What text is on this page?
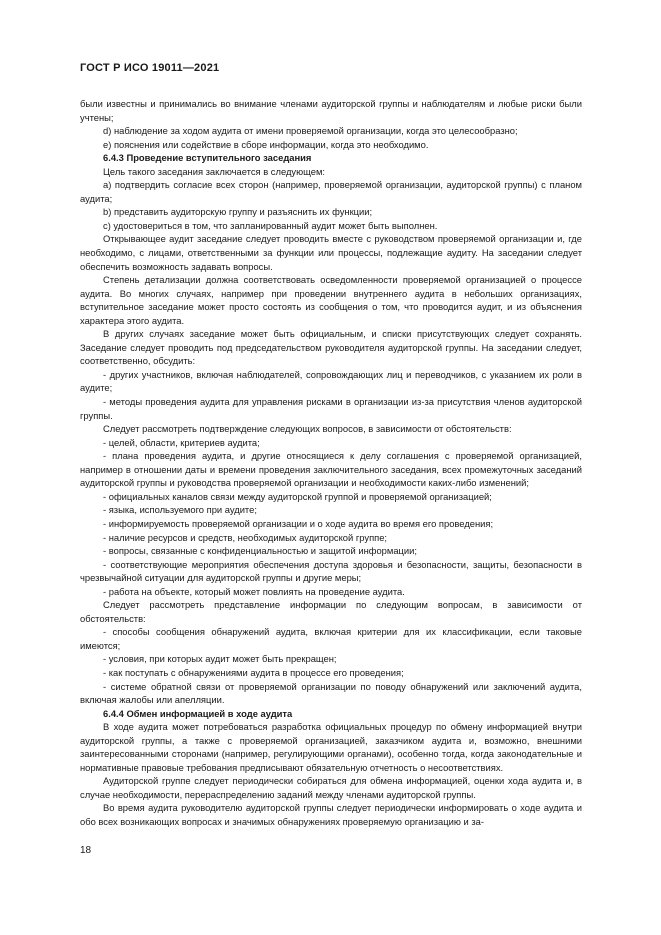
ГОСТ Р ИСО 19011—2021

были известны и принимались во внимание членами аудиторской группы и наблюдателям и любые риски были учтены;

d) наблюдение за ходом аудита от имени проверяемой организации, когда это целесообразно;

e) пояснения или содействие в сборе информации, когда это необходимо.

6.4.3 Проведение вступительного заседания

Цель такого заседания заключается в следующем:

a) подтвердить согласие всех сторон (например, проверяемой организации, аудиторской группы) с планом аудита;

b) представить аудиторскую группу и разъяснить их функции;

c) удостовериться в том, что запланированный аудит может быть выполнен.

Открывающее аудит заседание следует проводить вместе с руководством проверяемой организации и, где необходимо, с лицами, ответственными за функции или процессы, подлежащие аудиту. На заседании следует обеспечить возможность задавать вопросы.

Степень детализации должна соответствовать осведомленности проверяемой организацией о процессе аудита. Во многих случаях, например при проведении внутреннего аудита в небольших организациях, вступительное заседание может просто состоять из сообщения о том, что проводится аудит, и из объяснения характера этого аудита.

В других случаях заседание может быть официальным, и списки присутствующих следует сохранять. Заседание следует проводить под председательством руководителя аудиторской группы. На заседании следует, соответственно, обсудить:

- других участников, включая наблюдателей, сопровождающих лиц и переводчиков, с указанием их роли в аудите;

- методы проведения аудита для управления рисками в организации из-за присутствия членов аудиторской группы.

Следует рассмотреть подтверждение следующих вопросов, в зависимости от обстоятельств:

- целей, области, критериев аудита;

- плана проведения аудита, и другие относящиеся к делу соглашения с проверяемой организацией, например в отношении даты и времени проведения заключительного заседания, всех промежуточных заседаний аудиторской группы и руководства проверяемой организации и необходимости каких-либо изменений;

- официальных каналов связи между аудиторской группой и проверяемой организацией;

- языка, используемого при аудите;

- информируемость проверяемой организации и о ходе аудита во время его проведения;

- наличие ресурсов и средств, необходимых аудиторской группе;

- вопросы, связанные с конфиденциальностью и защитой информации;

- соответствующие мероприятия обеспечения доступа здоровья и безопасности, защиты, безопасности в чрезвычайной ситуации для аудиторской группы и другие меры;

- работа на объекте, который может повлиять на проведение аудита.

Следует рассмотреть представление информации по следующим вопросам, в зависимости от обстоятельств:

- способы сообщения обнаружений аудита, включая критерии для их классификации, если таковые имеются;

- условия, при которых аудит может быть прекращен;

- как поступать с обнаружениями аудита в процессе его проведения;

- системе обратной связи от проверяемой организации по поводу обнаружений или заключений аудита, включая жалобы или апелляции.

6.4.4 Обмен информацией в ходе аудита

В ходе аудита может потребоваться разработка официальных процедур по обмену информацией внутри аудиторской группы, а также с проверяемой организацией, заказчиком аудита и, возможно, внешними заинтересованными сторонами (например, регулирующими органами), особенно тогда, когда законодательные и нормативные правовые требования предписывают обязательную отчетность о несоответствиях.

Аудиторской группе следует периодически собираться для обмена информацией, оценки хода аудита и, в случае необходимости, перераспределению заданий между членами аудиторской группы.

Во время аудита руководителю аудиторской группы следует периодически информировать о ходе аудита и обо всех возникающих вопросах и значимых обнаружениях проверяемую организацию и за-

18
